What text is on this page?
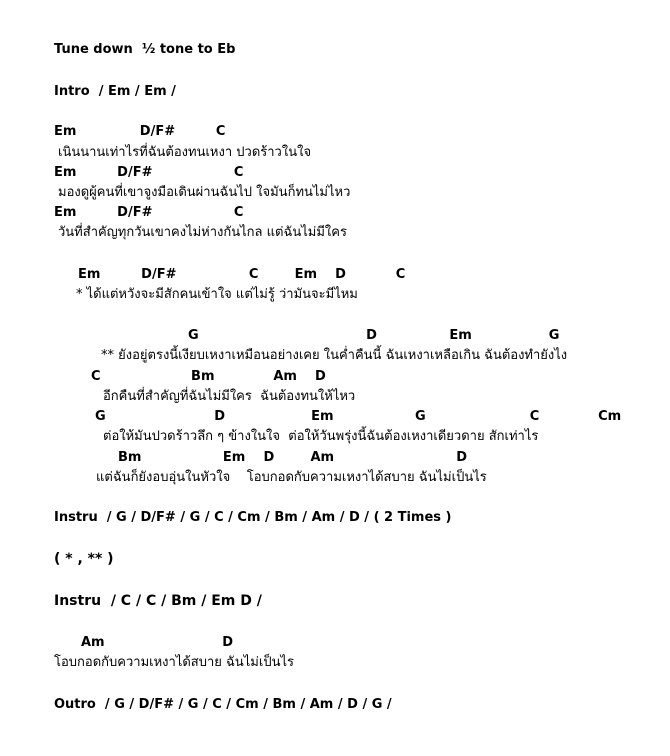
Tune down  ½ tone to Eb
Intro  / Em / Em /
Em              D/F#         C
เนินนานเท่าไรที่ฉันต้องทนเหงา ปวดร้าวในใจ
Em         D/F#                  C
มองดูผู้คนที่เขาจูงมือเดินผ่านฉันไป ใจมันก็ทนไม่ไหว
Em         D/F#                  C
วันที่สำคัญทุกวันเขาคงไม่ห่างกันไกล แต่ฉันไม่มีใคร
Em         D/F#                C        Em    D           C
* ได้แต่หวังจะมีสักคนเข้าใจ แต่ไม่รู้ ว่ามันจะมีไหม
G                                     D                Em                 G
** ยังอยู่ตรงนี้เงียบเหงาเหมือนอย่างเคย ในค่ำคืนนี้ ฉันเหงาเหลือเกิน ฉันต้องทำยังไง
C                    Bm             Am    D
อีกคืนที่สำคัญที่ฉันไม่มีใคร  ฉันต้องทนให้ไหว
G                        D                   Em                  G                       C             Cm
ต่อให้มันปวดร้าวลึก ๆ ข้างในใจ  ต่อให้วันพรุ่งนี้ฉันต้องเหงาเดียวดาย สักเท่าไร
Bm                  Em    D        Am                           D
แต่ฉันก็ยังอบอุ่นในหัวใจ    โอบกอดกับความเหงาได้สบาย ฉันไม่เป็นไร
Instru  / G / D/F# / G / C / Cm / Bm / Am / D / ( 2 Times )
( * , ** )
Instru  / C / C / Bm / Em D /
Am                          D
โอบกอดกับความเหงาได้สบาย ฉันไม่เป็นไร
Outro  / G / D/F# / G / C / Cm / Bm / Am / D / G /
